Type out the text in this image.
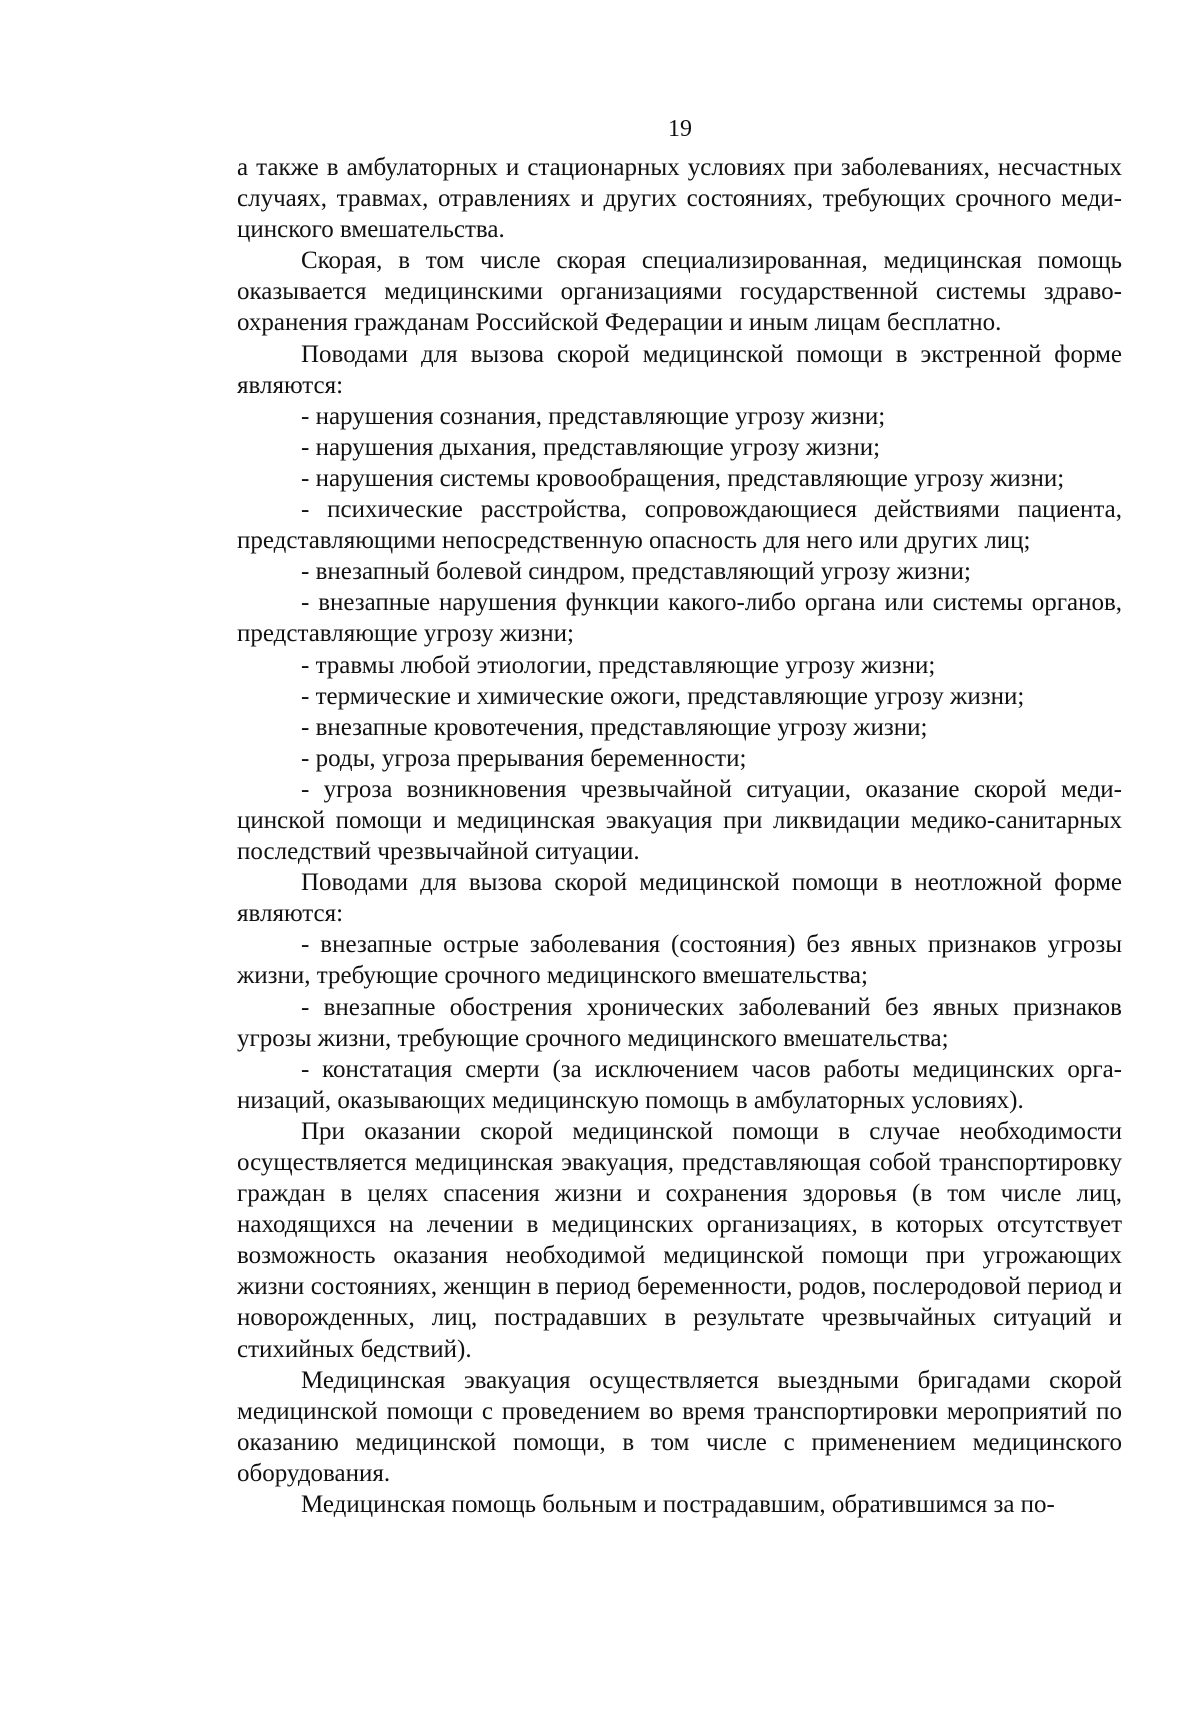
19

а также в амбулаторных и стационарных условиях при заболеваниях, несчастных случаях, травмах, отравлениях и других состояниях, требующих срочного медицинского вмешательства.

Скорая, в том числе скорая специализированная, медицинская помощь оказывается медицинскими организациями государственной системы здравоохранения гражданам Российской Федерации и иным лицам бесплатно.

Поводами для вызова скорой медицинской помощи в экстренной форме являются:

- нарушения сознания, представляющие угрозу жизни;

- нарушения дыхания, представляющие угрозу жизни;

- нарушения системы кровообращения, представляющие угрозу жизни;

- психические расстройства, сопровождающиеся действиями пациента, представляющими непосредственную опасность для него или других лиц;

- внезапный болевой синдром, представляющий угрозу жизни;

- внезапные нарушения функции какого-либо органа или системы органов, представляющие угрозу жизни;

- травмы любой этиологии, представляющие угрозу жизни;

- термические и химические ожоги, представляющие угрозу жизни;

- внезапные кровотечения, представляющие угрозу жизни;

- роды, угроза прерывания беременности;

- угроза возникновения чрезвычайной ситуации, оказание скорой медицинской помощи и медицинская эвакуация при ликвидации медико-санитарных последствий чрезвычайной ситуации.

Поводами для вызова скорой медицинской помощи в неотложной форме являются:

- внезапные острые заболевания (состояния) без явных признаков угрозы жизни, требующие срочного медицинского вмешательства;

- внезапные обострения хронических заболеваний без явных признаков угрозы жизни, требующие срочного медицинского вмешательства;

- констатация смерти (за исключением часов работы медицинских организаций, оказывающих медицинскую помощь в амбулаторных условиях).

При оказании скорой медицинской помощи в случае необходимости осуществляется медицинская эвакуация, представляющая собой транспортировку граждан в целях спасения жизни и сохранения здоровья (в том числе лиц, находящихся на лечении в медицинских организациях, в которых отсутствует возможность оказания необходимой медицинской помощи при угрожающих жизни состояниях, женщин в период беременности, родов, послеродовой период и новорожденных, лиц, пострадавших в результате чрезвычайных ситуаций и стихийных бедствий).

Медицинская эвакуация осуществляется выездными бригадами скорой медицинской помощи с проведением во время транспортировки мероприятий по оказанию медицинской помощи, в том числе с применением медицинского оборудования.

Медицинская помощь больным и пострадавшим, обратившимся за по-
